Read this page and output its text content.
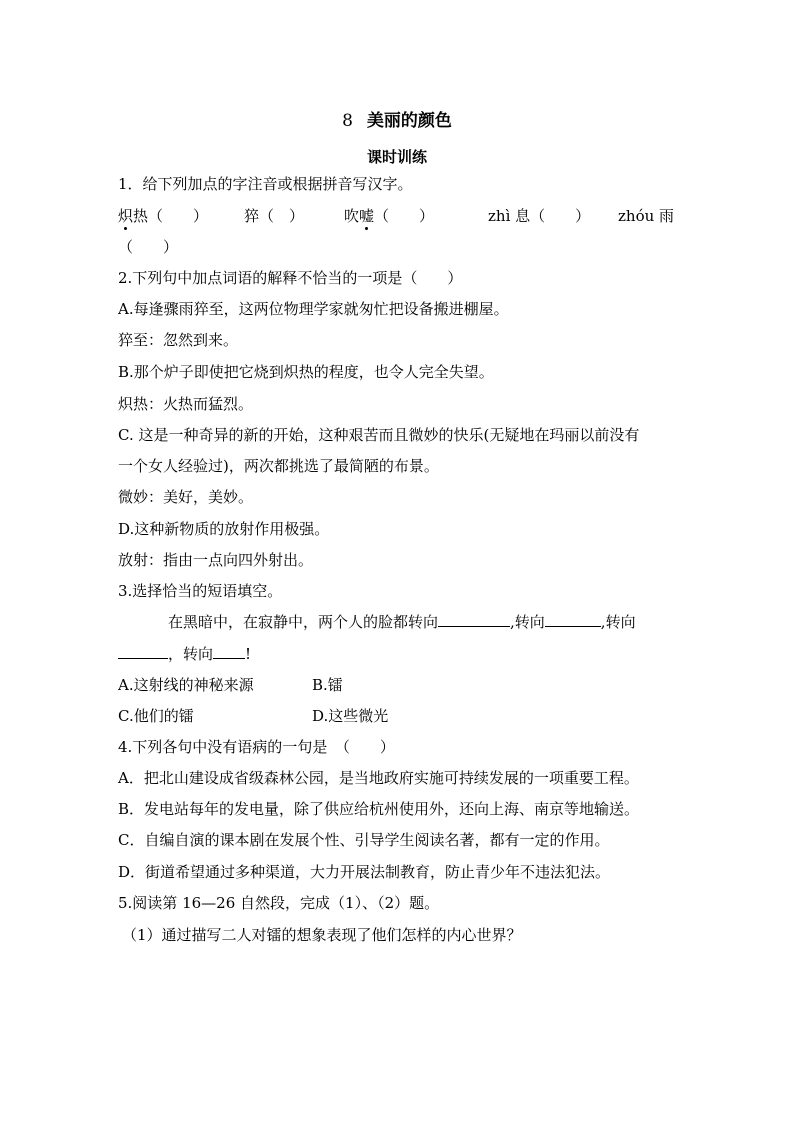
8 美丽的颜色
课时训练
1．给下列加点的字注音或根据拼音写汉字。
炽热（　　） 猝（　）	吹嘘（　　）	zhì 息（　　） zhóu 雨
（　　）
2.下列句中加点词语的解释不恰当的一项是（　　）
A.每逢骤雨猝至，这两位物理学家就匆忙把设备搬进棚屋。
猝至：忽然到来。
B.那个炉子即使把它烧到炽热的程度，也令人完全失望。
炽热：火热而猛烈。
C. 这是一种奇异的新的开始，这种艰苦而且微妙的快乐(无疑地在玛丽以前没有
一个女人经验过)，两次都挑选了最简陋的布景。
微妙：美好，美妙。
D.这种新物质的放射作用极强。
放射：指由一点向四外射出。
3.选择恰当的短语填空。
在黑暗中，在寂静中，两个人的脸都转向	,转向	,转向
，转向 !
A.这射线的神秘来源	B.镭
C.他们的镭	D.这些微光
4.下列各句中没有语病的一句是　（　　）
A．把北山建设成省级森林公园，是当地政府实施可持续发展的一项重要工程。
B．发电站每年的发电量，除了供应给杭州使用外，还向上海、南京等地输送。
C．自编自演的课本剧在发展个性、引导学生阅读名著，都有一定的作用。
D．街道希望通过多种渠道，大力开展法制教育，防止青少年不违法犯法。
5.阅读第 16—26 自然段，完成（1）、（2）题。
（1）通过描写二人对镭的想象表现了他们怎样的内心世界？
